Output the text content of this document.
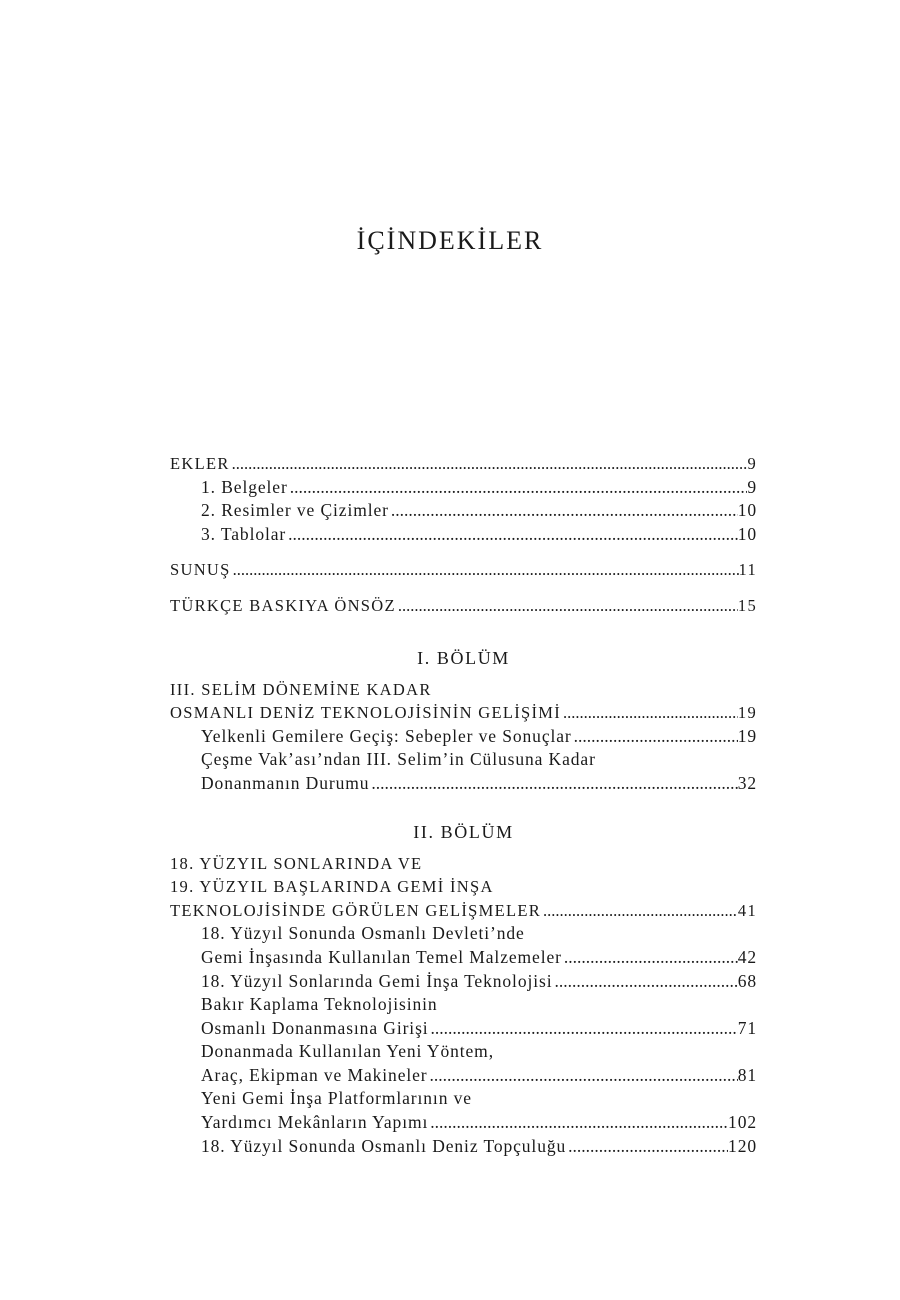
İÇİNDEKİLER
EKLER .....	9
1. Belgeler .....	9
2. Resimler ve Çizimler .....	10
3. Tablolar .....	10
SUNUŞ .....	11
TÜRKÇE BASKIYA ÖNSÖZ .....	15
I. BÖLÜM
III. SELİM DÖNEMİNE KADAR
OSMANLI DENİZ TEKNOLOJİSİNİN GELİŞİMİ .....	19
Yelkenli Gemilere Geçiş: Sebepler ve Sonuçlar .....	19
Çeşme Vak’ası’ndan III. Selim’in Cülusuna Kadar
Donanmanın Durumu .....	32
II. BÖLÜM
18. YÜZYIL SONLARINDA VE
19. YÜZYIL BAŞLARINDA GEMİ İNŞA
TEKNOLOJİSİNDE GÖRÜLEN GELİŞMELER .....	41
18. Yüzyıl Sonunda Osmanlı Devleti’nde
Gemi İnşasında Kullanılan Temel Malzemeler .....	42
18. Yüzyıl Sonlarında Gemi İnşa Teknolojisi .....	68
Bakır Kaplama Teknolojisinin
Osmanlı Donanmasına Girişi .....	71
Donanmada Kullanılan Yeni Yöntem,
Araç, Ekipman ve Makineler .....	81
Yeni Gemi İnşa Platformlarının ve
Yardımcı Mekânların Yapımı .....	102
18. Yüzyıl Sonunda Osmanlı Deniz Topçuluğu .....	120
